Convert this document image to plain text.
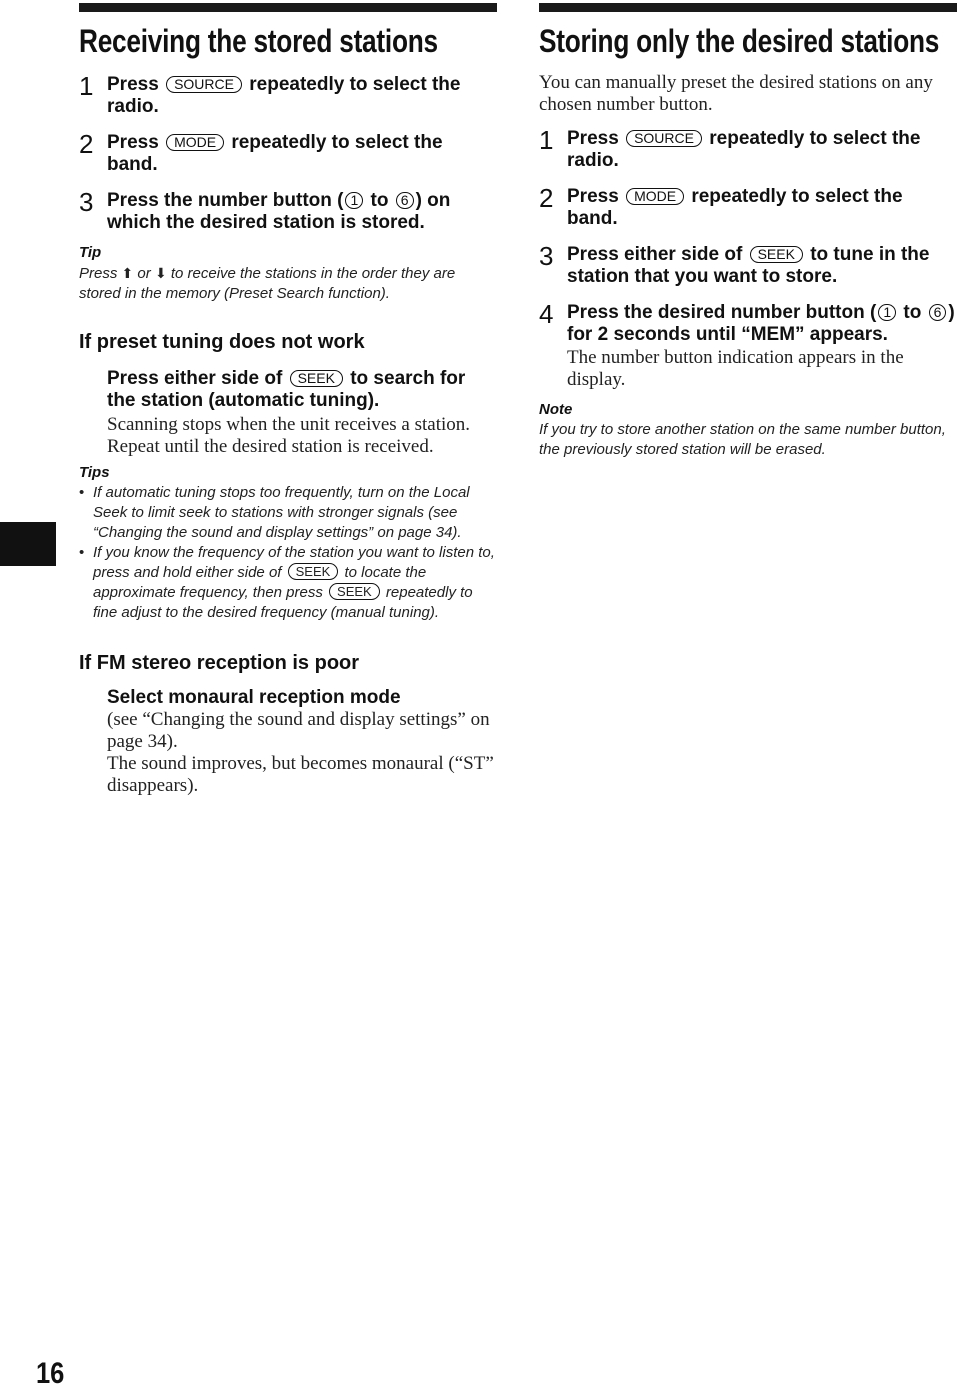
Receiving the stored stations
1 Press SOURCE repeatedly to select the radio.
2 Press MODE repeatedly to select the band.
3 Press the number button ( 1 to 6 ) on which the desired station is stored.
Tip
Press ⬆ or ⬇ to receive the stations in the order they are stored in the memory (Preset Search function).
If preset tuning does not work
Press either side of SEEK to search for the station (automatic tuning).
Scanning stops when the unit receives a station. Repeat until the desired station is received.
Tips
• If automatic tuning stops too frequently, turn on the Local Seek to limit seek to stations with stronger signals (see “Changing the sound and display settings” on page 34).
• If you know the frequency of the station you want to listen to, press and hold either side of SEEK to locate the approximate frequency, then press SEEK repeatedly to fine adjust to the desired frequency (manual tuning).
If FM stereo reception is poor
Select monaural reception mode
(see “Changing the sound and display settings” on page 34).
The sound improves, but becomes monaural (“ST” disappears).
Storing only the desired stations
You can manually preset the desired stations on any chosen number button.
1 Press SOURCE repeatedly to select the radio.
2 Press MODE repeatedly to select the band.
3 Press either side of SEEK to tune in the station that you want to store.
4 Press the desired number button ( 1 to 6 ) for 2 seconds until “MEM” appears.
The number button indication appears in the display.
Note
If you try to store another station on the same number button, the previously stored station will be erased.
16
